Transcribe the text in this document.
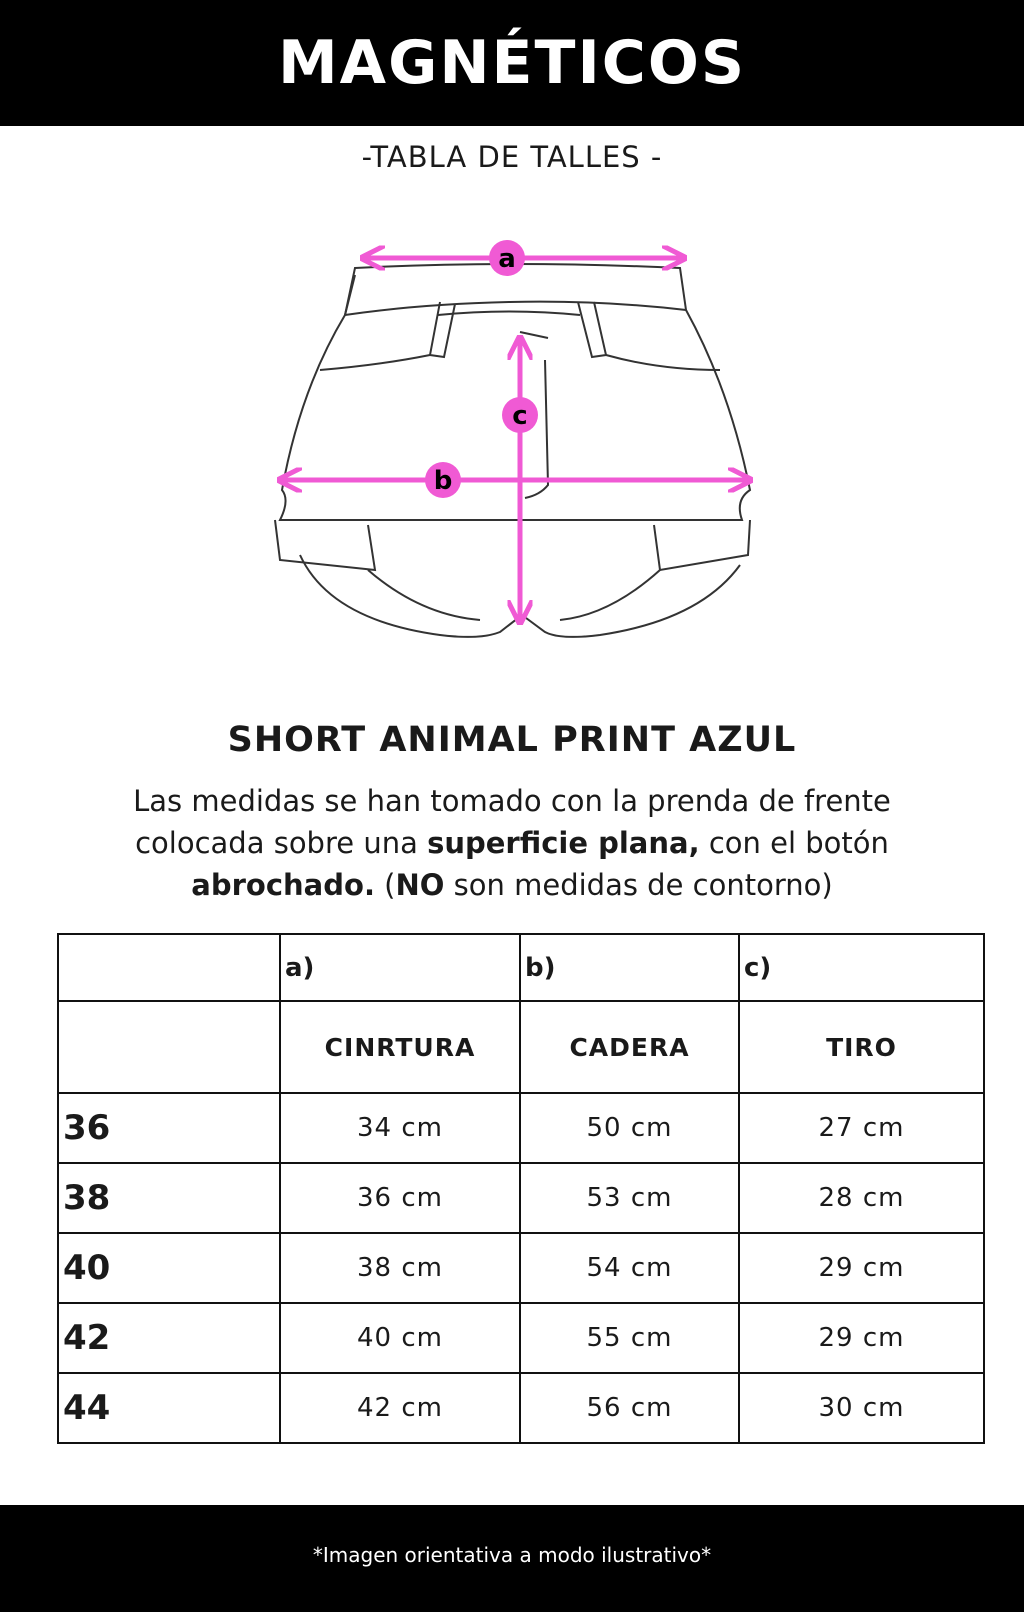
MAGNÉTICOS
-TABLA DE TALLES -
a
b
c
SHORT ANIMAL PRINT AZUL
Las medidas se han tomado con la prenda de frente
colocada sobre una superficie plana, con el botón
abrochado. (NO son medidas de contorno)
	a)	b)	c)
	CINRTURA	CADERA	TIRO
36	34 cm	50 cm	27 cm
38	36 cm	53 cm	28 cm
40	38 cm	54 cm	29 cm
42	40 cm	55 cm	29 cm
44	42 cm	56 cm	30 cm
*Imagen orientativa a modo ilustrativo*
